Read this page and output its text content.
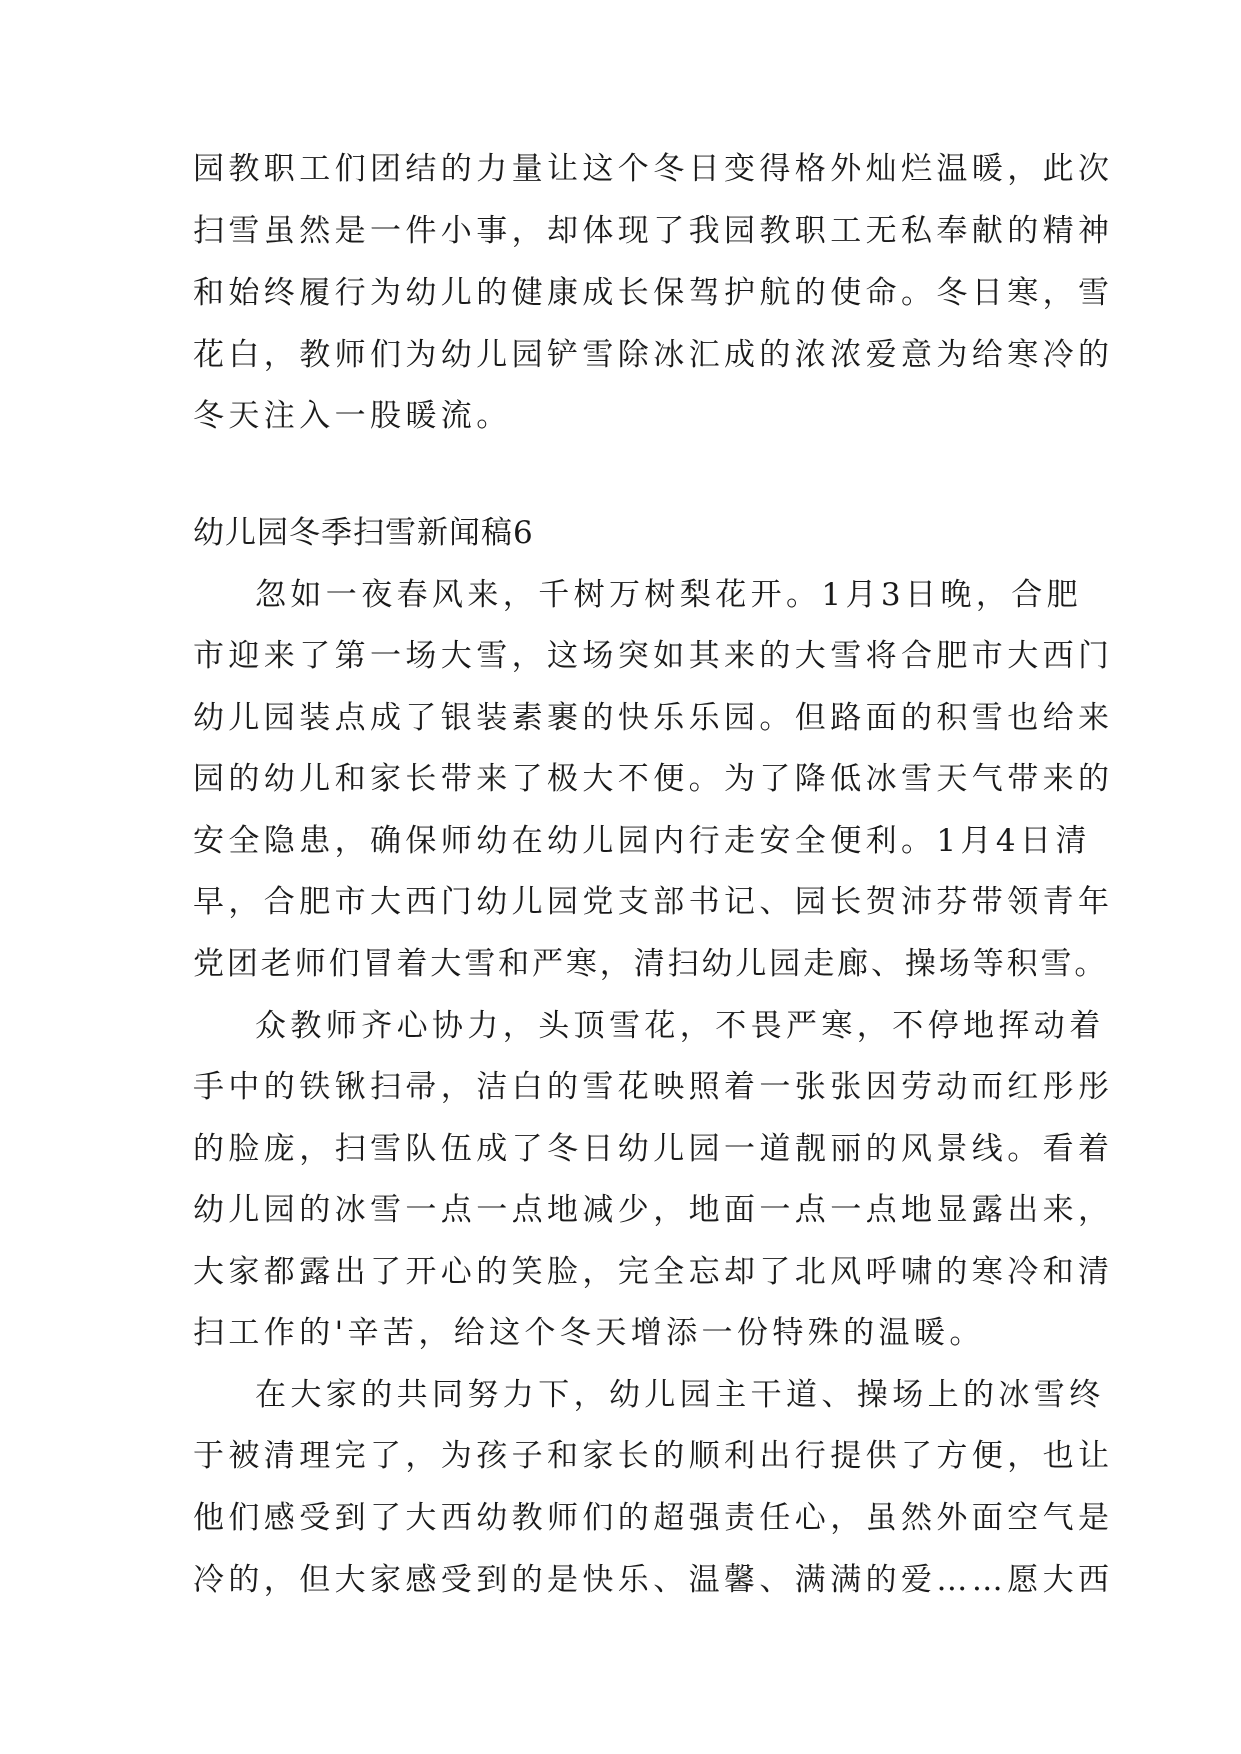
园教职工们团结的力量让这个冬日变得格外灿烂温暖，此次
扫雪虽然是一件小事，却体现了我园教职工无私奉献的精神
和始终履行为幼儿的健康成长保驾护航的使命。冬日寒，雪
花白，教师们为幼儿园铲雪除冰汇成的浓浓爱意为给寒冷的
冬天注入一股暖流。
幼儿园冬季扫雪新闻稿6
忽如一夜春风来，千树万树梨花开。1月3日晚，合肥
市迎来了第一场大雪，这场突如其来的大雪将合肥市大西门
幼儿园装点成了银装素裹的快乐乐园。但路面的积雪也给来
园的幼儿和家长带来了极大不便。为了降低冰雪天气带来的
安全隐患，确保师幼在幼儿园内行走安全便利。1月4日清
早，合肥市大西门幼儿园党支部书记、园长贺沛芬带领青年
党团老师们冒着大雪和严寒，清扫幼儿园走廊、操场等积雪。
众教师齐心协力，头顶雪花，不畏严寒，不停地挥动着
手中的铁锹扫帚，洁白的雪花映照着一张张因劳动而红彤彤
的脸庞，扫雪队伍成了冬日幼儿园一道靓丽的风景线。看着
幼儿园的冰雪一点一点地减少，地面一点一点地显露出来，
大家都露出了开心的笑脸，完全忘却了北风呼啸的寒冷和清
扫工作的'辛苦，给这个冬天增添一份特殊的温暖。
在大家的共同努力下，幼儿园主干道、操场上的冰雪终
于被清理完了，为孩子和家长的顺利出行提供了方便，也让
他们感受到了大西幼教师们的超强责任心，虽然外面空气是
冷的，但大家感受到的是快乐、温馨、满满的爱……愿大西
